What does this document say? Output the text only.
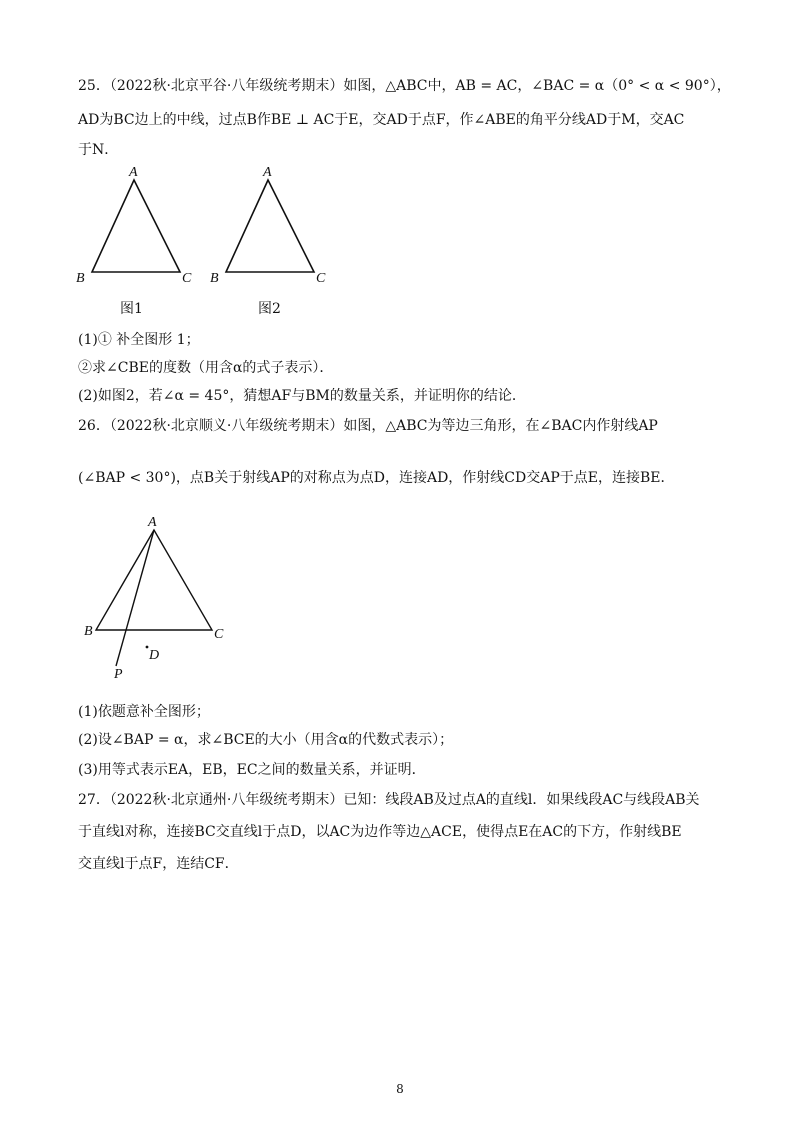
25．（2022秋·北京平谷·八年级统考期末）如图，△ABC中，AB = AC，∠BAC = α（0° < α < 90°），
AD为BC边上的中线，过点B作BE ⊥ AC于E，交AD于点F，作∠ABE的角平分线AD于M，交AC
于N．
A
B	C
图1
A
B	C
图2
(1)① 补全图形 1；
②求∠CBE的度数（用含α的式子表示）．
(2)如图2，若∠α = 45°，猜想AF与BM的数量关系，并证明你的结论．
26．（2022秋·北京顺义·八年级统考期末）如图，△ABC为等边三角形，在∠BAC内作射线AP
(∠BAP < 30°)，点B关于射线AP的对称点为点D，连接AD，作射线CD交AP于点E，连接BE．
A
B	C
D
P
(1)依题意补全图形；
(2)设∠BAP = α，求∠BCE的大小（用含α的代数式表示）；
(3)用等式表示EA，EB，EC之间的数量关系，并证明．
27．（2022秋·北京通州·八年级统考期末）已知：线段AB及过点A的直线l．如果线段AC与线段AB关
于直线l对称，连接BC交直线l于点D，以AC为边作等边△ACE，使得点E在AC的下方，作射线BE
交直线l于点F，连结CF．
8
